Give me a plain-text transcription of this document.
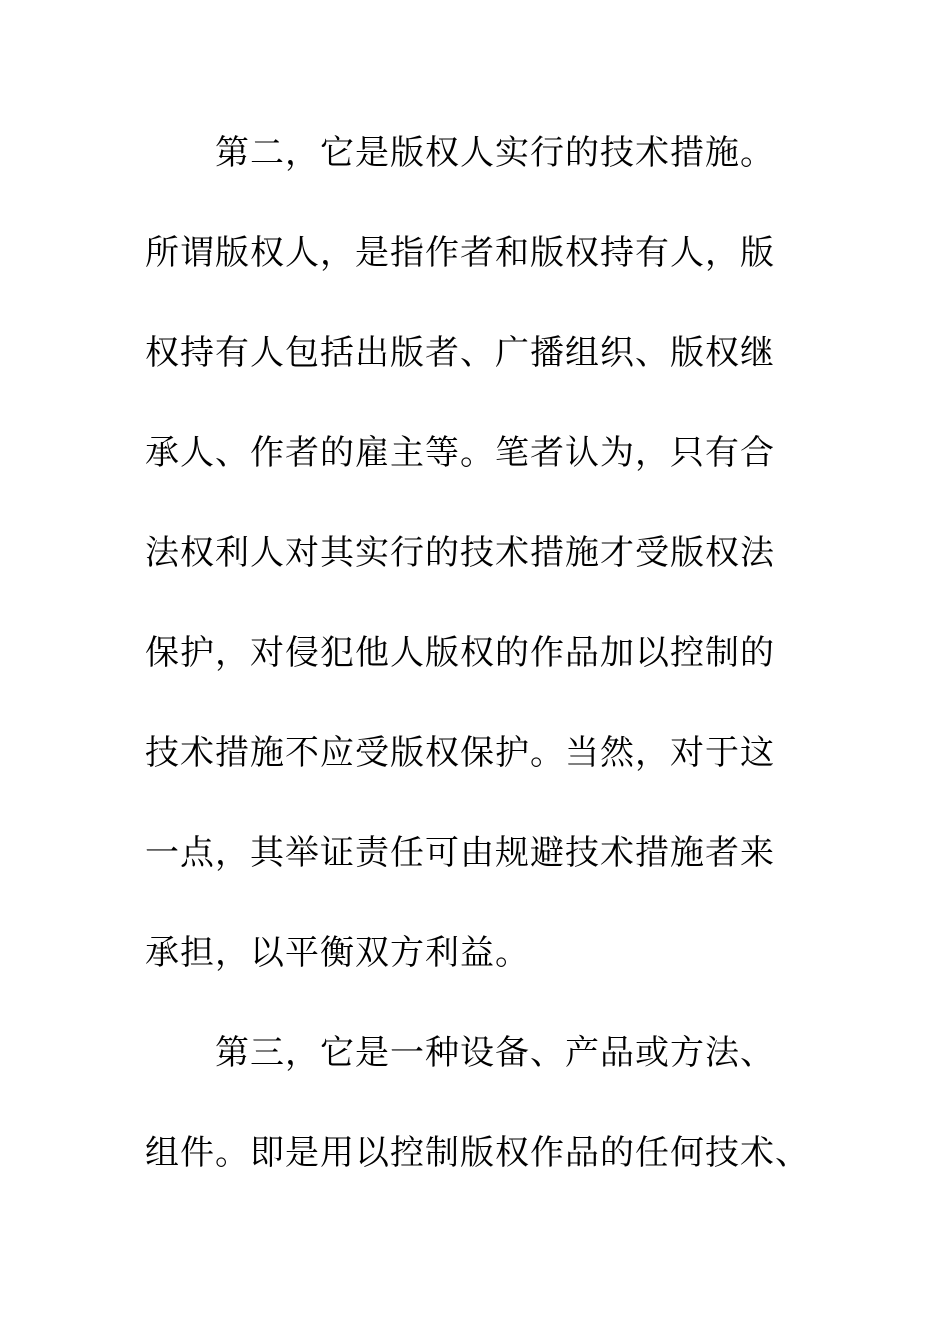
第二，它是版权人实行的技术措施。
所谓版权人，是指作者和版权持有人，版
权持有人包括出版者、广播组织、版权继
承人、作者的雇主等。笔者认为，只有合
法权利人对其实行的技术措施才受版权法
保护，对侵犯他人版权的作品加以控制的
技术措施不应受版权保护。当然，对于这
一点，其举证责任可由规避技术措施者来
承担，以平衡双方利益。
第三，它是一种设备、产品或方法、
组件。即是用以控制版权作品的任何技术、
